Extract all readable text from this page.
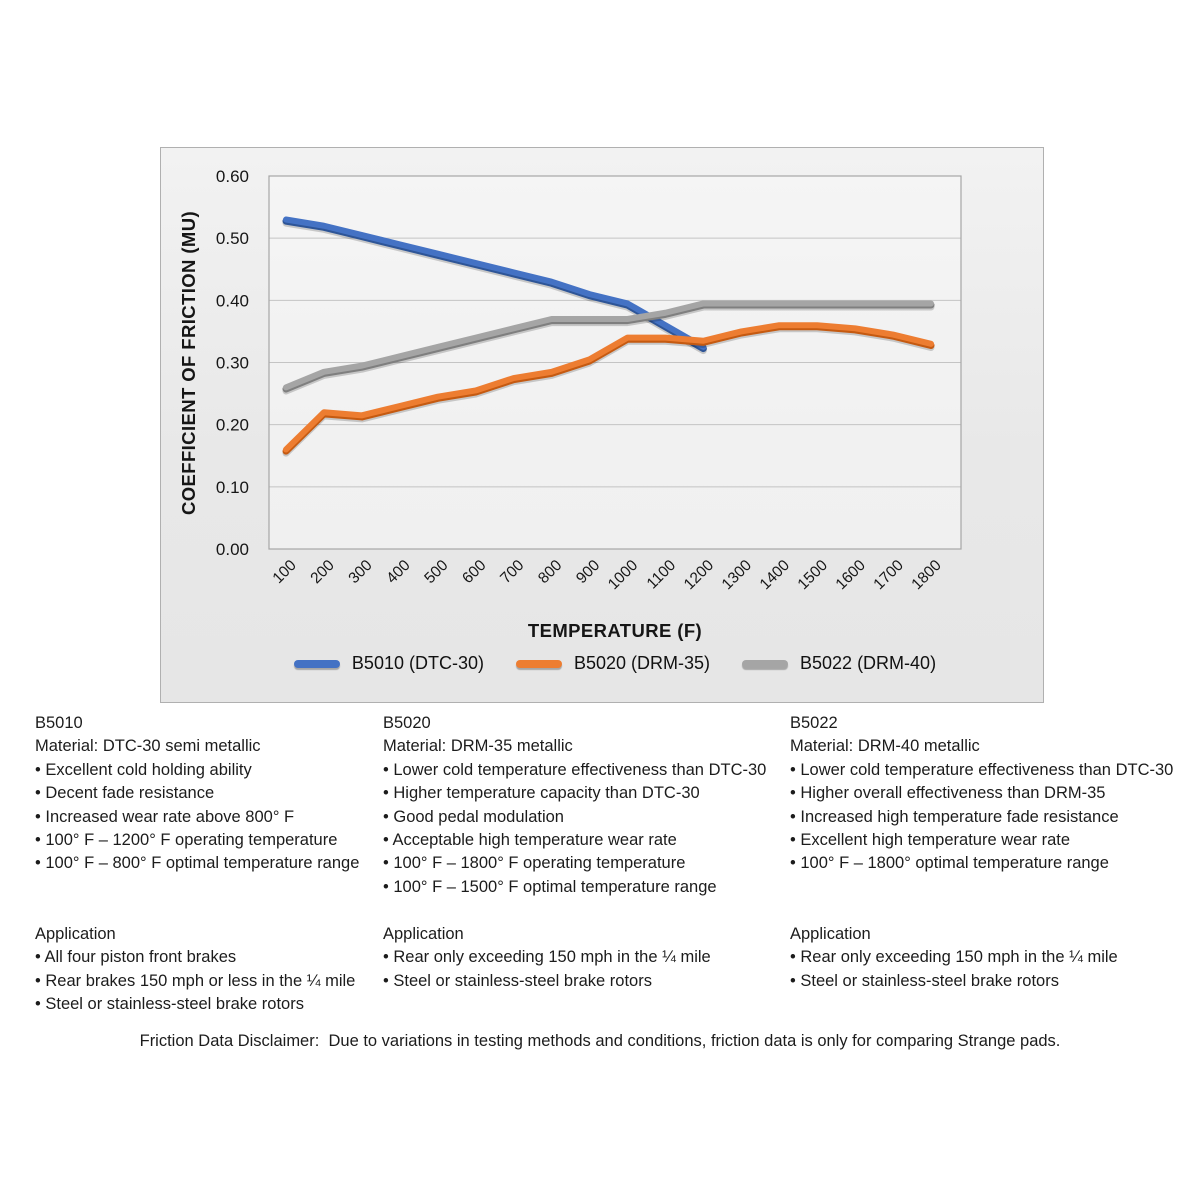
0.00
0.10
0.20
0.30
0.40
0.50
0.60
100 200 300 400 500 600 700 800 900 1000 1100 1200 1300 1400 1500 1600 1700 1800
COEFFICIENT OF FRICTION (MU)
TEMPERATURE (F)
B5010 (DTC-30)	B5020 (DRM-35)	B5022 (DRM-40)
B5010
Material: DTC-30 semi metallic
• Excellent cold holding ability
• Decent fade resistance
• Increased wear rate above 800° F
• 100° F – 1200° F operating temperature
• 100° F – 800° F optimal temperature range
Application
• All four piston front brakes
• Rear brakes 150 mph or less in the ¼ mile
• Steel or stainless-steel brake rotors
B5020
Material: DRM-35 metallic
• Lower cold temperature effectiveness than DTC-30
• Higher temperature capacity than DTC-30
• Good pedal modulation
• Acceptable high temperature wear rate
• 100° F – 1800° F operating temperature
• 100° F – 1500° F optimal temperature range
Application
• Rear only exceeding 150 mph in the ¼ mile
• Steel or stainless-steel brake rotors
B5022
Material: DRM-40 metallic
• Lower cold temperature effectiveness than DTC-30
• Higher overall effectiveness than DRM-35
• Increased high temperature fade resistance
• Excellent high temperature wear rate
• 100° F – 1800° optimal temperature range
Application
• Rear only exceeding 150 mph in the ¼ mile
• Steel or stainless-steel brake rotors
Friction Data Disclaimer:  Due to variations in testing methods and conditions, friction data is only for comparing Strange pads.
